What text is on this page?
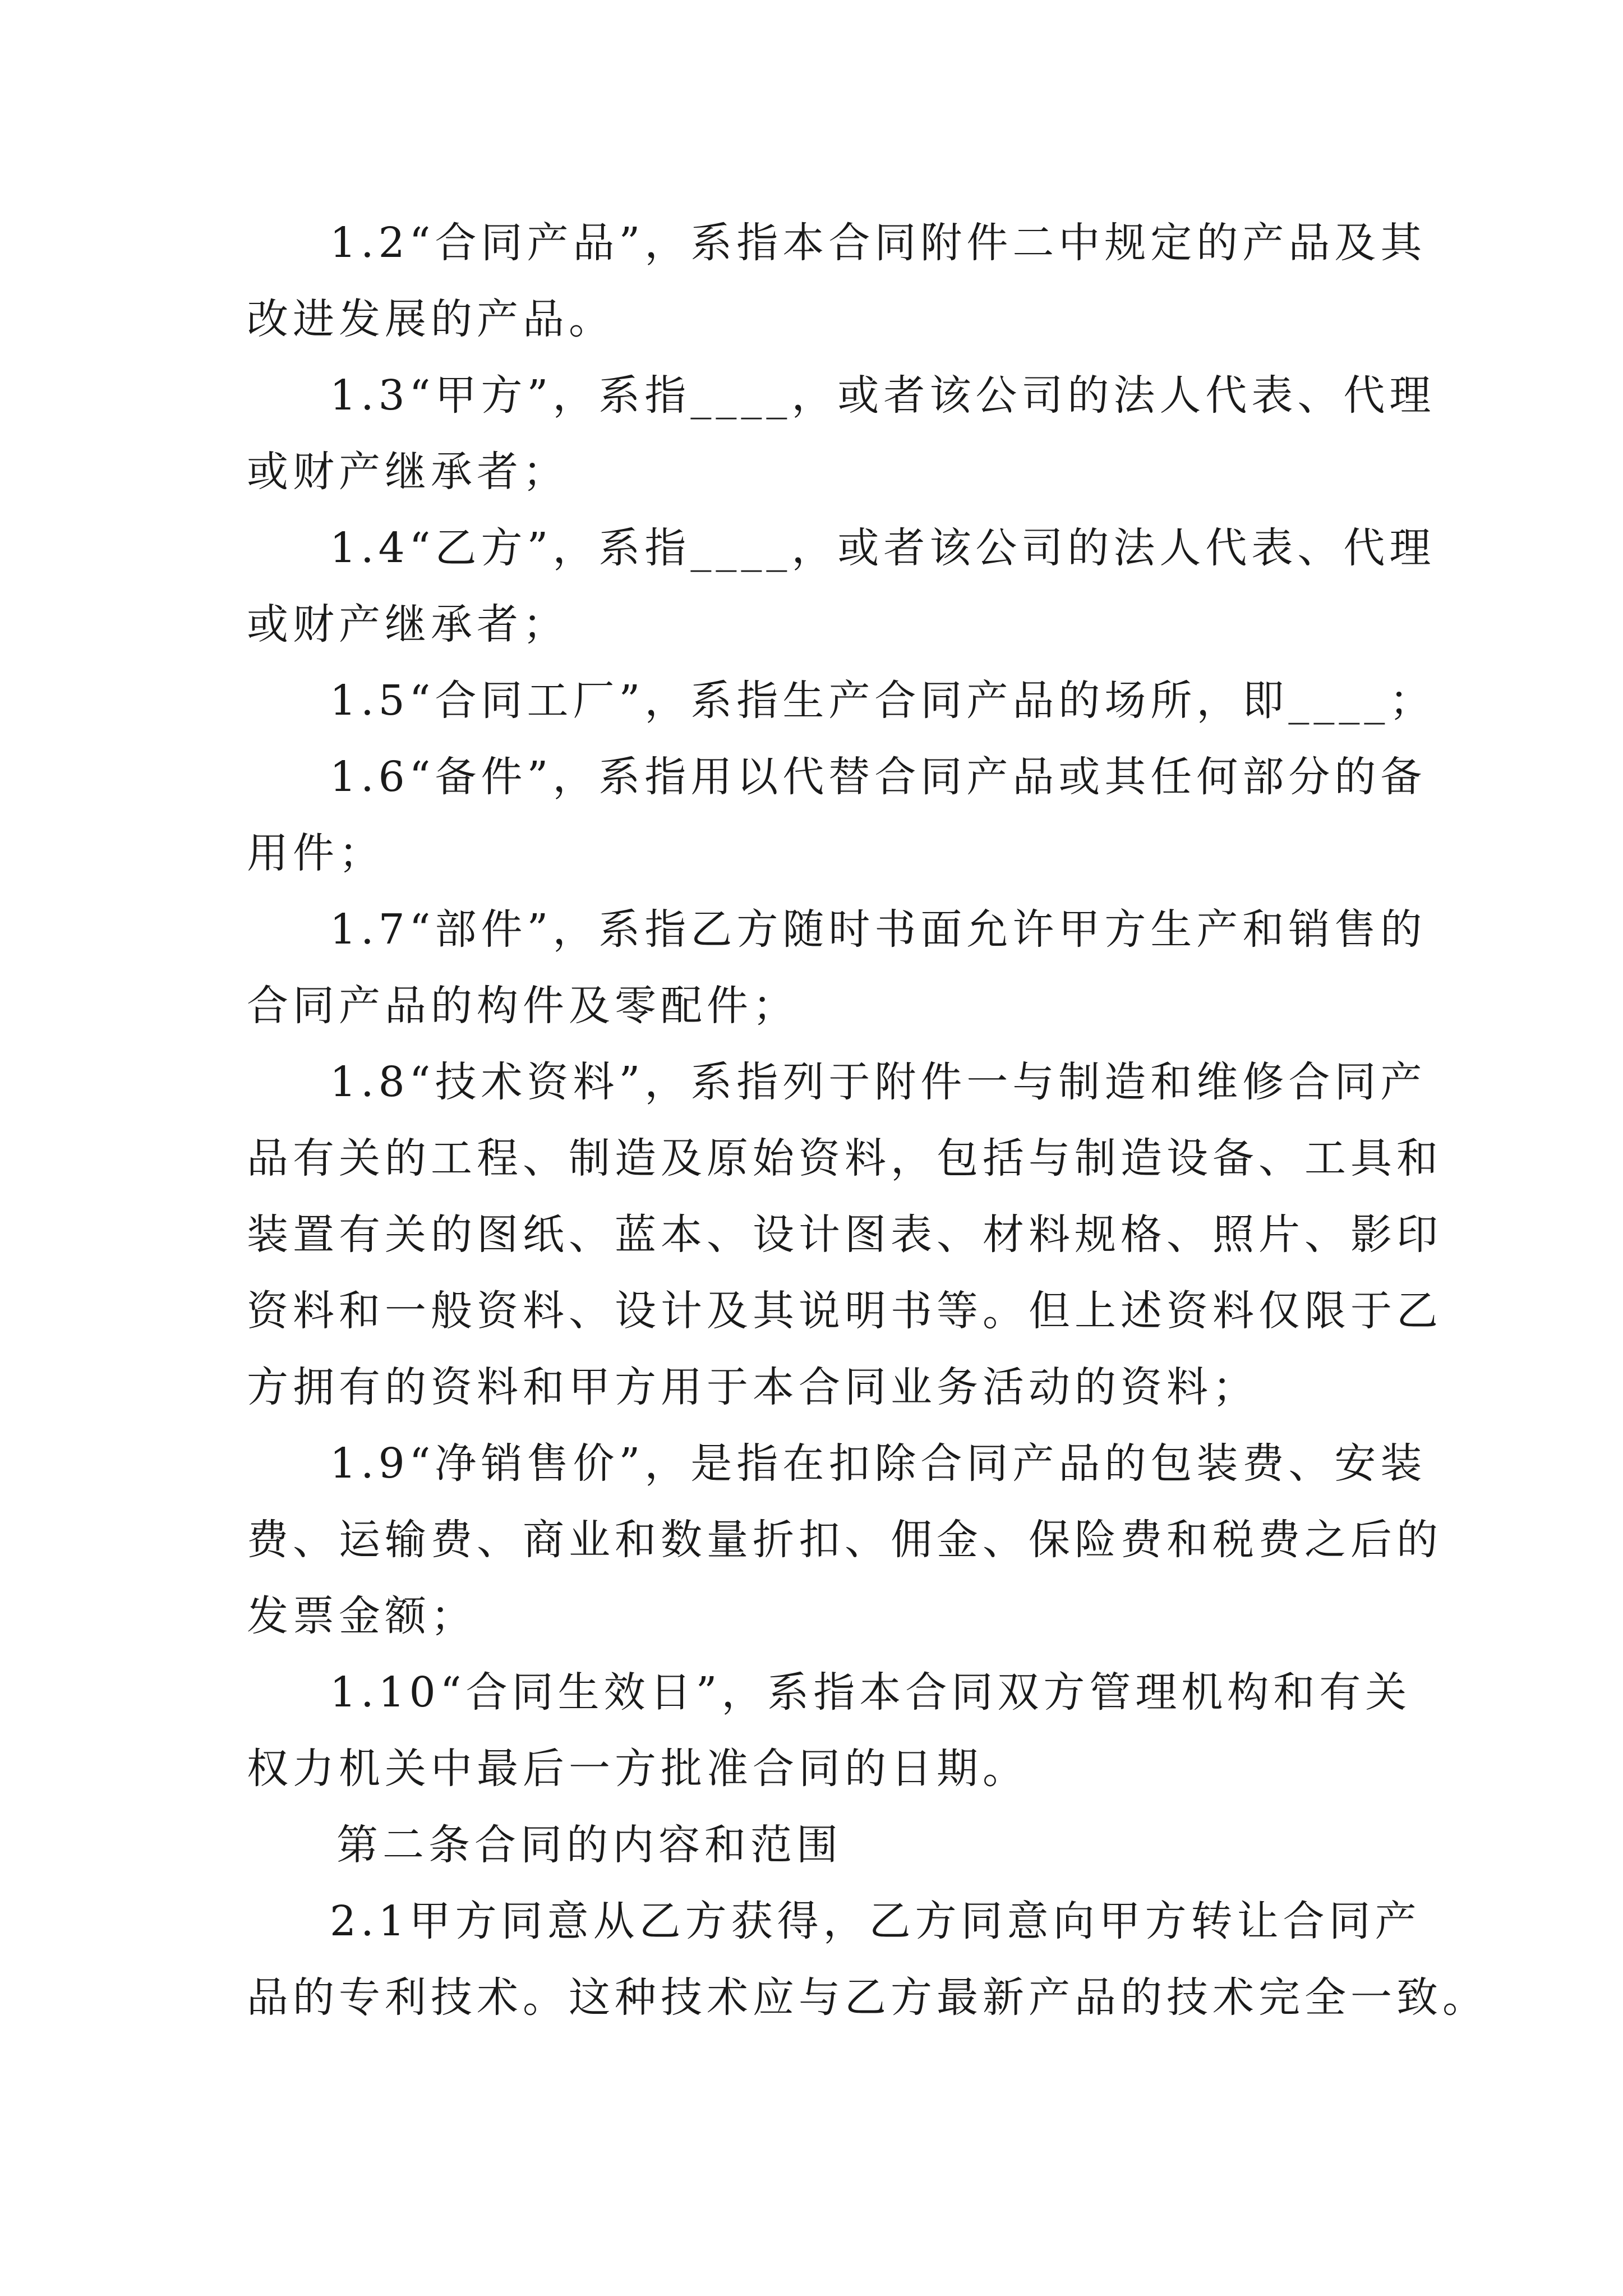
1.2“合同产品”，系指本合同附件二中规定的产品及其
改进发展的产品。
1.3“甲方”，系指____，或者该公司的法人代表、代理
或财产继承者；
1.4“乙方”，系指____，或者该公司的法人代表、代理
或财产继承者；
1.5“合同工厂”，系指生产合同产品的场所，即____；
1.6“备件”，系指用以代替合同产品或其任何部分的备
用件；
1.7“部件”，系指乙方随时书面允许甲方生产和销售的
合同产品的构件及零配件；
1.8“技术资料”，系指列于附件一与制造和维修合同产
品有关的工程、制造及原始资料，包括与制造设备、工具和
装置有关的图纸、蓝本、设计图表、材料规格、照片、影印
资料和一般资料、设计及其说明书等。但上述资料仅限于乙
方拥有的资料和甲方用于本合同业务活动的资料；
1.9“净销售价”，是指在扣除合同产品的包装费、安装
费、运输费、商业和数量折扣、佣金、保险费和税费之后的
发票金额；
1.10“合同生效日”，系指本合同双方管理机构和有关
权力机关中最后一方批准合同的日期。
第二条合同的内容和范围
2.1甲方同意从乙方获得，乙方同意向甲方转让合同产
品的专利技术。这种技术应与乙方最新产品的技术完全一致。
